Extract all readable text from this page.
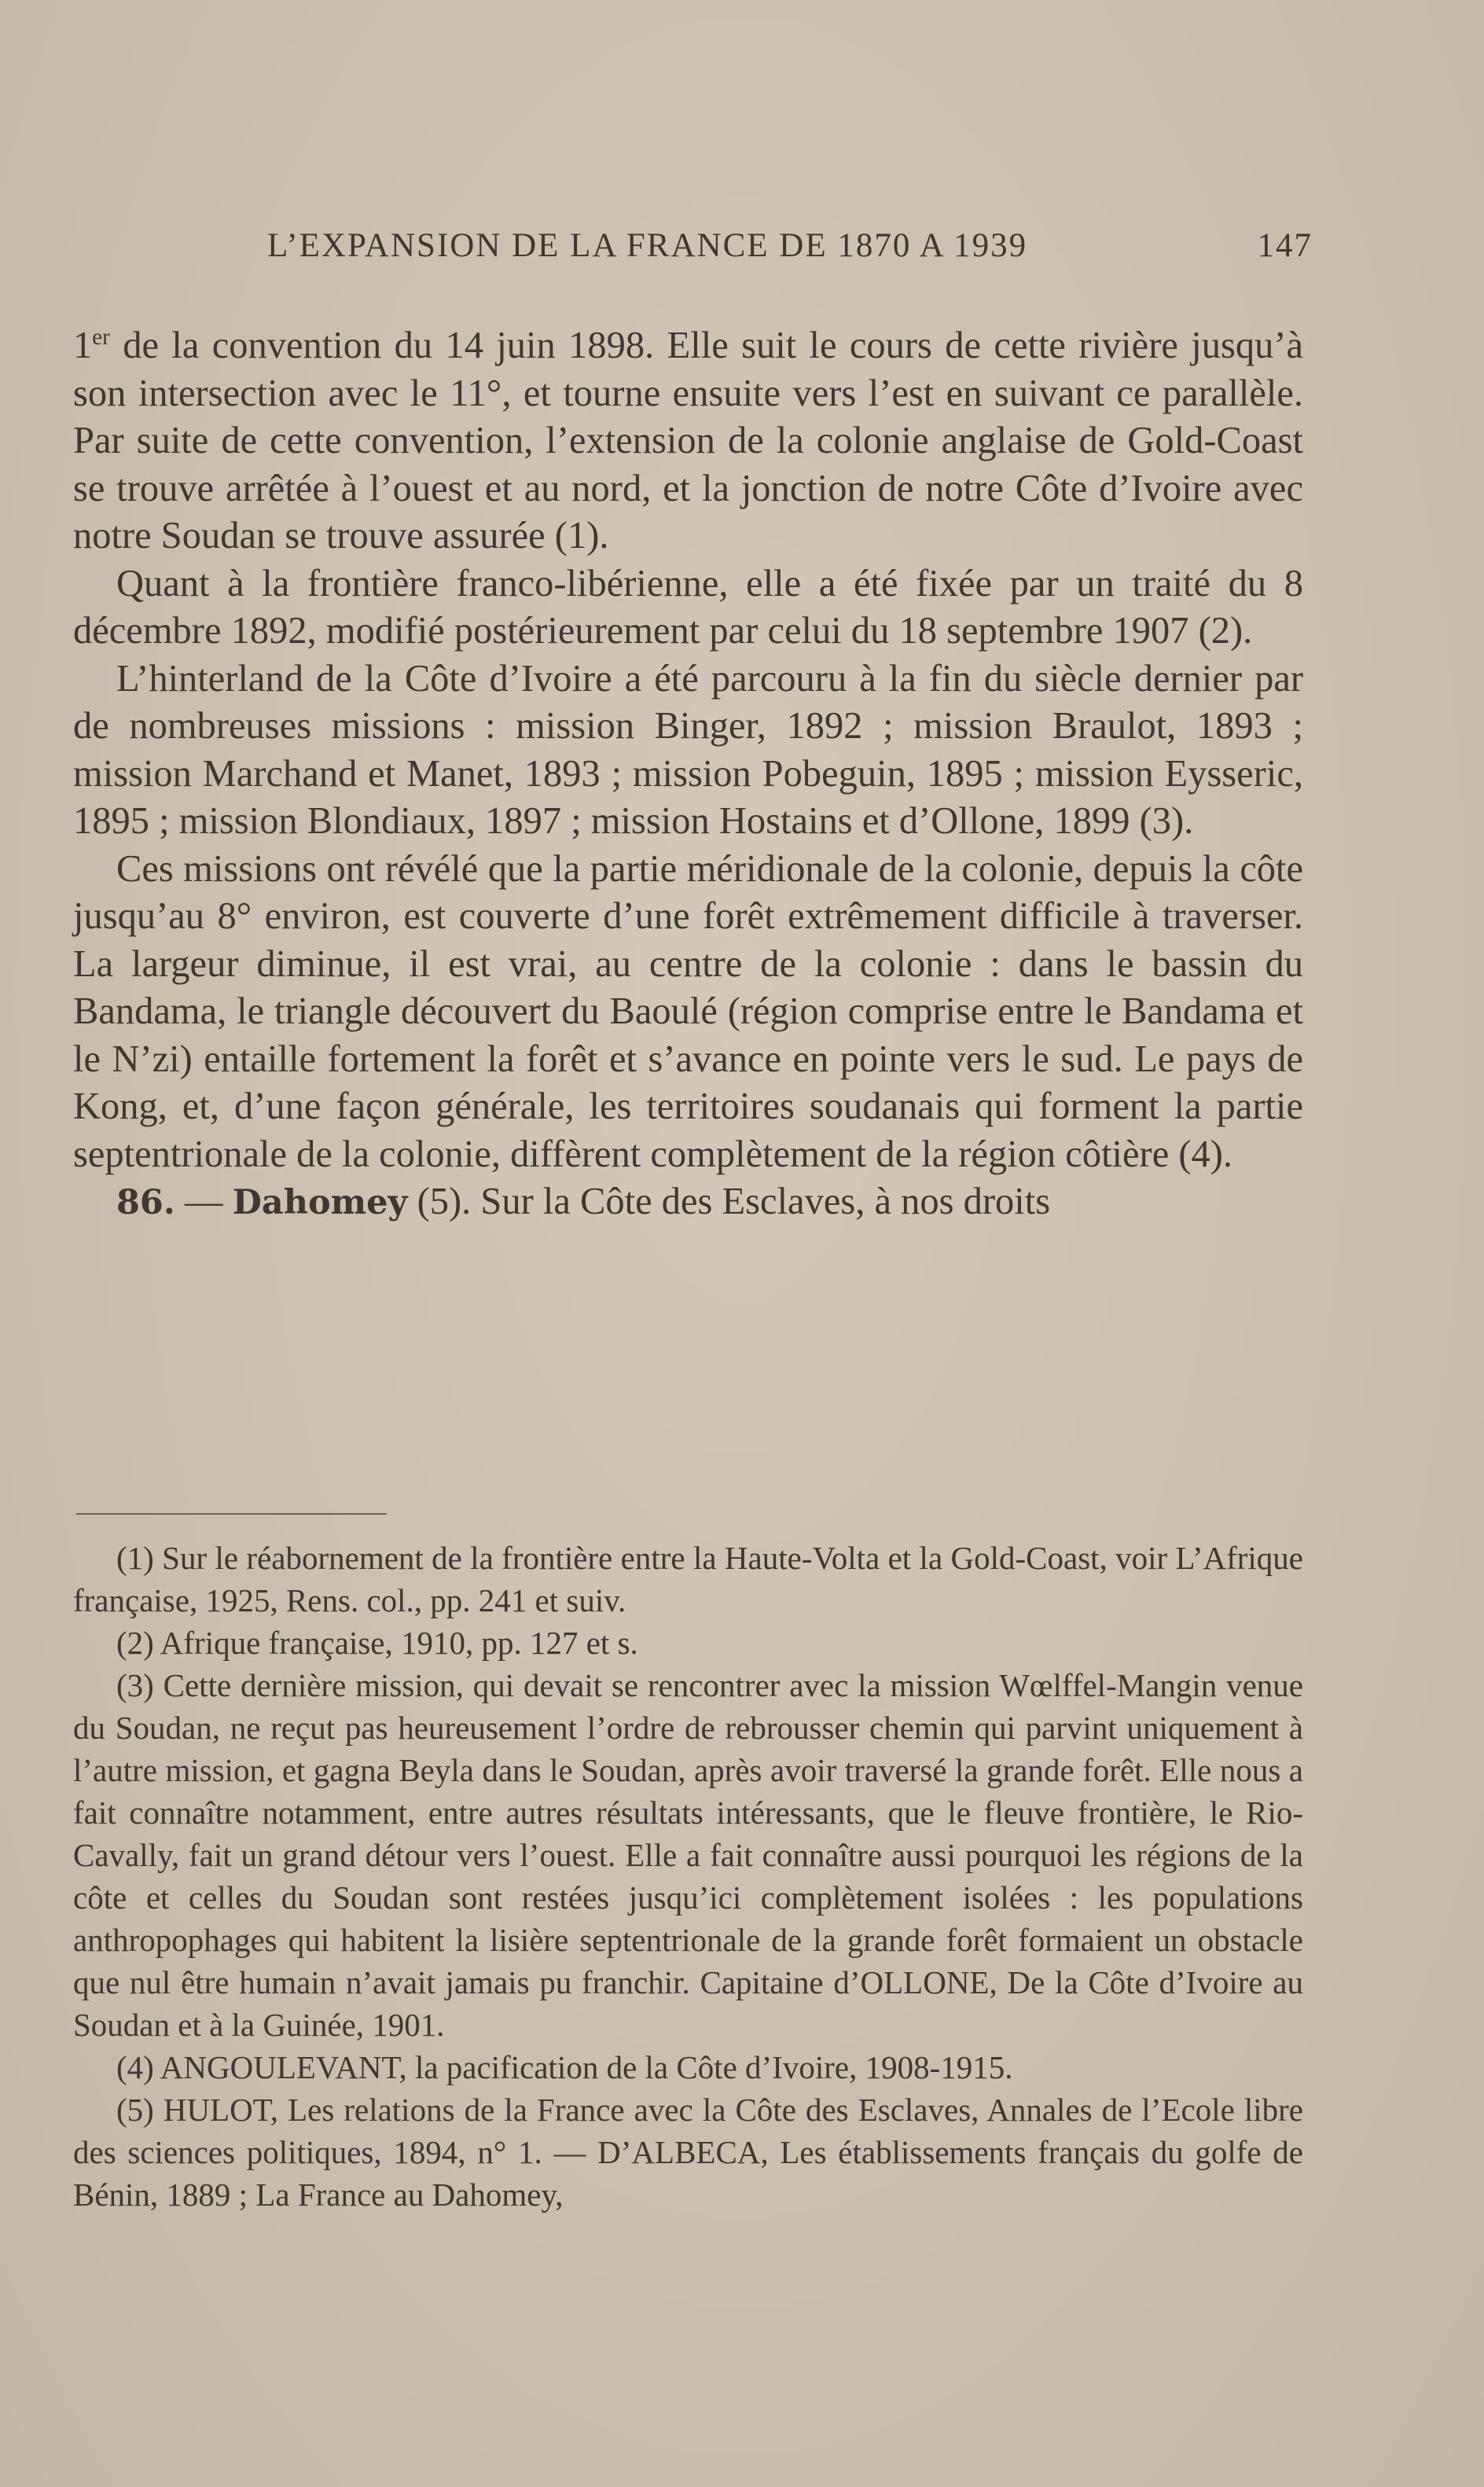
L’EXPANSION DE LA FRANCE DE 1870 A 1939	147

1er de la convention du 14 juin 1898. Elle suit le cours de cette rivière jusqu’à son intersection avec le 11°, et tourne ensuite vers l’est en suivant ce parallèle. Par suite de cette convention, l’extension de la colonie anglaise de Gold-Coast se trouve arrêtée à l’ouest et au nord, et la jonction de notre Côte d’Ivoire avec notre Soudan se trouve assurée (1).

Quant à la frontière franco-libérienne, elle a été fixée par un traité du 8 décembre 1892, modifié postérieurement par celui du 18 septembre 1907 (2).

L’hinterland de la Côte d’Ivoire a été parcouru à la fin du siècle dernier par de nombreuses missions : mission Binger, 1892 ; mission Braulot, 1893 ; mission Marchand et Manet, 1893 ; mission Pobeguin, 1895 ; mission Eysseric, 1895 ; mission Blondiaux, 1897 ; mission Hostains et d’Ollone, 1899 (3).

Ces missions ont révélé que la partie méridionale de la colonie, depuis la côte jusqu’au 8° environ, est couverte d’une forêt extrêmement difficile à traverser. La largeur diminue, il est vrai, au centre de la colonie : dans le bassin du Bandama, le triangle découvert du Baoulé (région comprise entre le Bandama et le N’zi) entaille fortement la forêt et s’avance en pointe vers le sud. Le pays de Kong, et, d’une façon générale, les territoires soudanais qui forment la partie septentrionale de la colonie, diffèrent complètement de la région côtière (4).

86. — Dahomey (5). Sur la Côte des Esclaves, à nos droits

(1) Sur le réabornement de la frontière entre la Haute-Volta et la Gold-Coast, voir L’Afrique française, 1925, Rens. col., pp. 241 et suiv.

(2) Afrique française, 1910, pp. 127 et s.

(3) Cette dernière mission, qui devait se rencontrer avec la mission Wœlffel-Mangin venue du Soudan, ne reçut pas heureusement l’ordre de rebrousser chemin qui parvint uniquement à l’autre mission, et gagna Beyla dans le Soudan, après avoir traversé la grande forêt. Elle nous a fait connaître notamment, entre autres résultats intéressants, que le fleuve frontière, le Rio-Cavally, fait un grand détour vers l’ouest. Elle a fait connaître aussi pourquoi les régions de la côte et celles du Soudan sont restées jusqu’ici complètement isolées : les populations anthropophages qui habitent la lisière septentrionale de la grande forêt formaient un obstacle que nul être humain n’avait jamais pu franchir. Capitaine d’OLLONE, De la Côte d’Ivoire au Soudan et à la Guinée, 1901.

(4) ANGOULEVANT, la pacification de la Côte d’Ivoire, 1908-1915.

(5) HULOT, Les relations de la France avec la Côte des Esclaves, Annales de l’Ecole libre des sciences politiques, 1894, n° 1. — D’ALBECA, Les établissements français du golfe de Bénin, 1889 ; La France au Dahomey,
